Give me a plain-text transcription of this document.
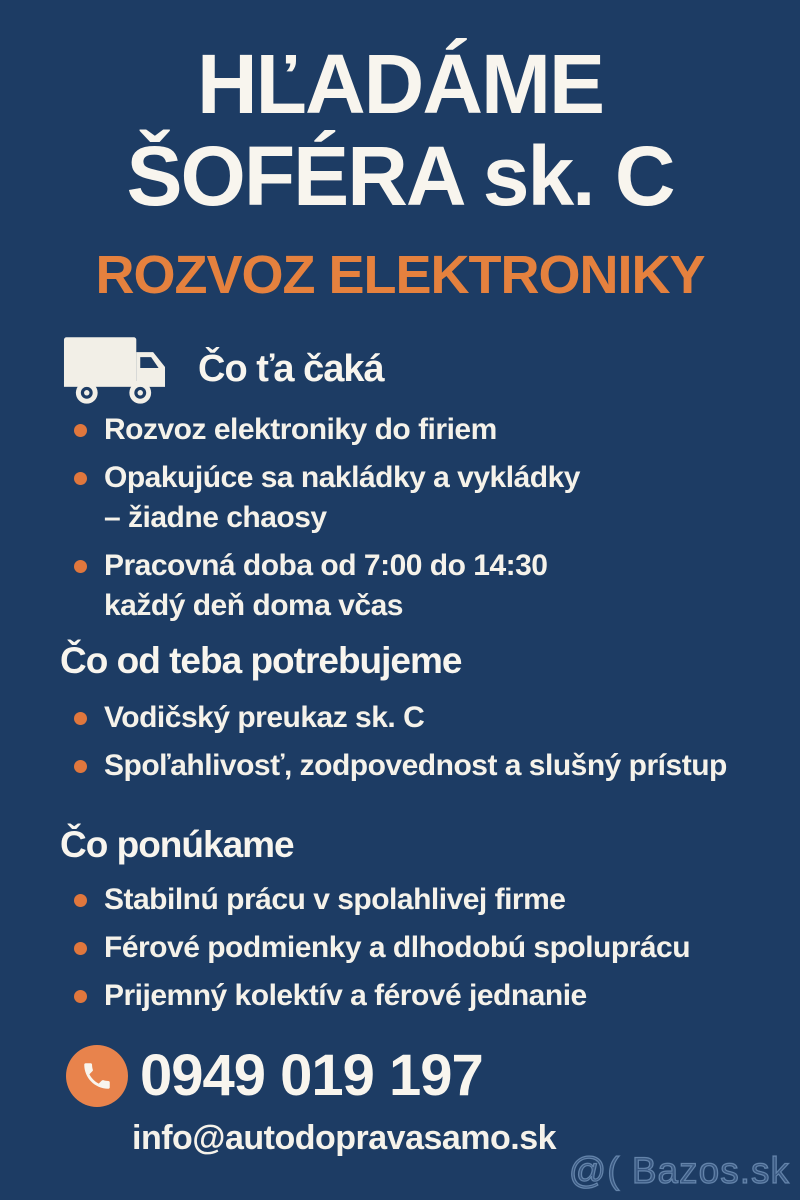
HĽADÁME
ŠOFÉRA sk. C
ROZVOZ ELEKTRONIKY
Čo ťa čaká
Rozvoz elektroniky do firiem
Opakujúce sa nakládky a vykládky
– žiadne chaosy
Pracovná doba od 7:00 do 14:30
každý deň doma včas
Čo od teba potrebujeme
Vodičský preukaz sk. C
Spoľahlivosť, zodpovednost a slušný prístup
Čo ponúkame
Stabilnú prácu v spolahlivej firme
Férové podmienky a dlhodobú spoluprácu
Prijemný kolektív a férové jednanie
0949 019 197
info@autodopravasamo.sk
@( Bazos.sk
